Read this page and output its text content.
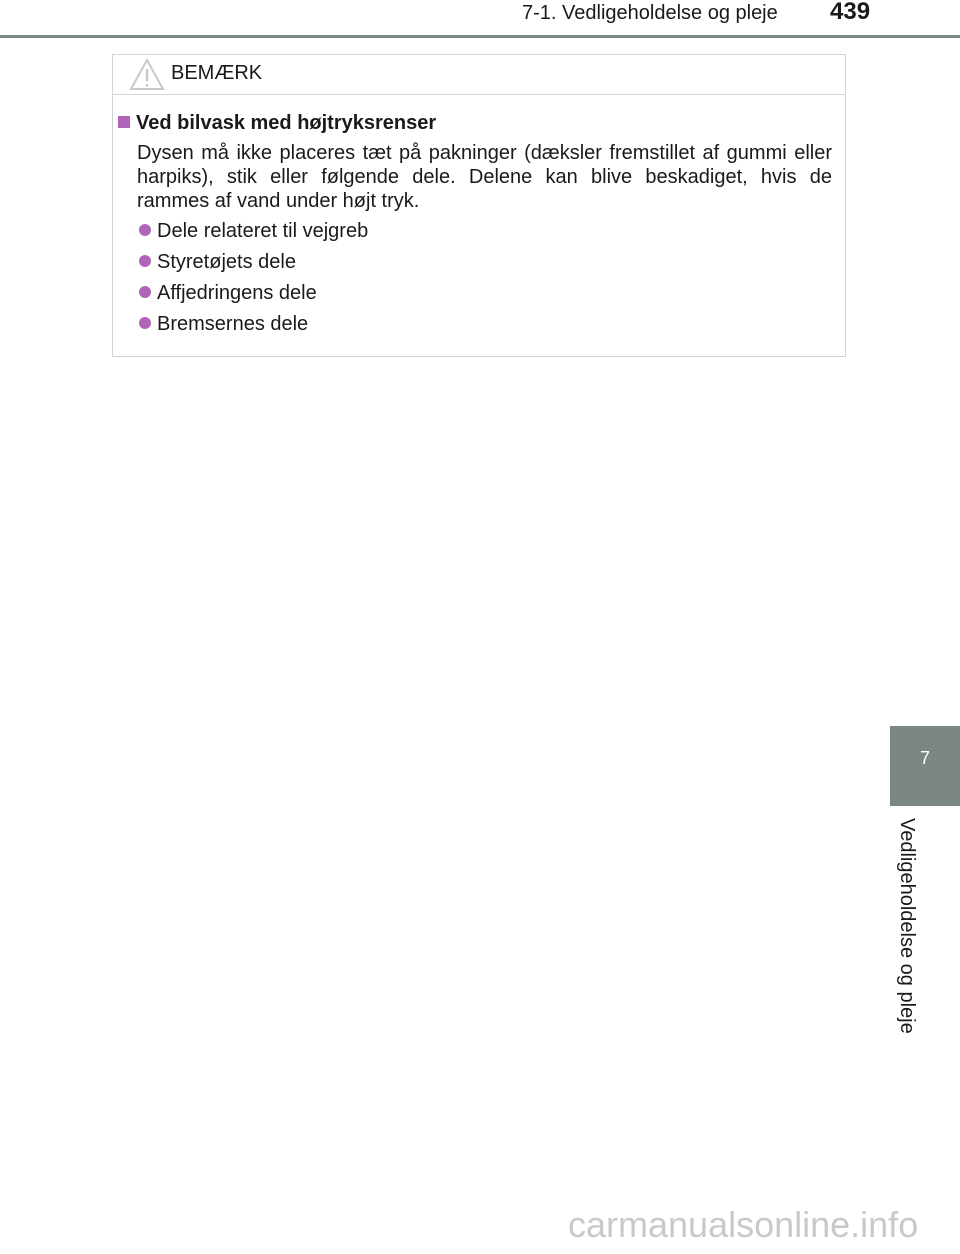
7-1. Vedligeholdelse og pleje 439
BEMÆRK
Ved bilvask med højtryksrenser

Dysen må ikke placeres tæt på pakninger (dæksler fremstillet af gummi eller harpiks), stik eller følgende dele. Delene kan blive beskadiget, hvis de rammes af vand under højt tryk.

Dele relateret til vejgreb
Styretøjets dele
Affjedringens dele
Bremsernes dele
7
Vedligeholdelse og pleje
carmanualsonline.info
